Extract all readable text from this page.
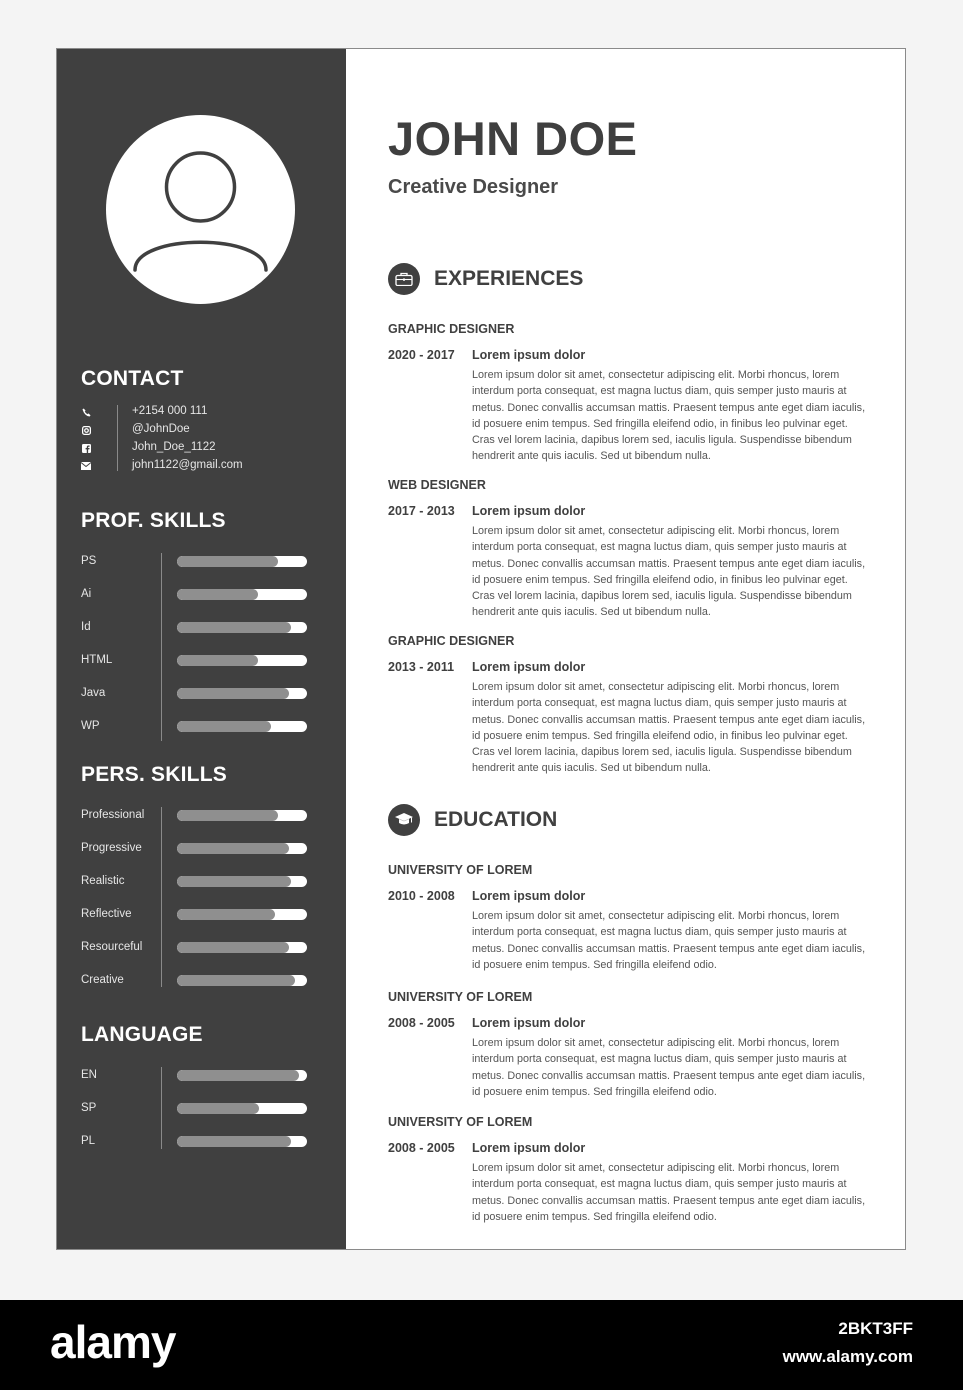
CONTACT
+2154 000 111
@JohnDoe
John_Doe_1122
john1122@gmail.com
PROF. SKILLS
PS
Ai
Id
HTML
Java
WP
PERS. SKILLS
Professional
Progressive
Realistic
Reflective
Resourceful
Creative
LANGUAGE
EN
SP
PL
JOHN DOE
Creative Designer
EXPERIENCES
GRAPHIC DESIGNER
2020 - 2017 Lorem ipsum dolor
Lorem ipsum dolor sit amet, consectetur adipiscing elit. Morbi rhoncus, lorem interdum porta consequat, est magna luctus diam, quis semper justo mauris at metus. Donec convallis accumsan mattis. Praesent tempus ante eget diam iaculis, id posuere enim tempus. Sed fringilla eleifend odio, in finibus leo pulvinar eget. Cras vel lorem lacinia, dapibus lorem sed, iaculis ligula. Suspendisse bibendum hendrerit ante quis iaculis. Sed ut bibendum nulla.
WEB DESIGNER
2017 - 2013 Lorem ipsum dolor
Lorem ipsum dolor sit amet, consectetur adipiscing elit. Morbi rhoncus, lorem interdum porta consequat, est magna luctus diam, quis semper justo mauris at metus. Donec convallis accumsan mattis. Praesent tempus ante eget diam iaculis, id posuere enim tempus. Sed fringilla eleifend odio, in finibus leo pulvinar eget. Cras vel lorem lacinia, dapibus lorem sed, iaculis ligula. Suspendisse bibendum hendrerit ante quis iaculis. Sed ut bibendum nulla.
GRAPHIC DESIGNER
2013 - 2011 Lorem ipsum dolor
Lorem ipsum dolor sit amet, consectetur adipiscing elit. Morbi rhoncus, lorem interdum porta consequat, est magna luctus diam, quis semper justo mauris at metus. Donec convallis accumsan mattis. Praesent tempus ante eget diam iaculis, id posuere enim tempus. Sed fringilla eleifend odio, in finibus leo pulvinar eget. Cras vel lorem lacinia, dapibus lorem sed, iaculis ligula. Suspendisse bibendum hendrerit ante quis iaculis. Sed ut bibendum nulla.
EDUCATION
UNIVERSITY OF LOREM
2010 - 2008 Lorem ipsum dolor
Lorem ipsum dolor sit amet, consectetur adipiscing elit. Morbi rhoncus, lorem interdum porta consequat, est magna luctus diam, quis semper justo mauris at metus. Donec convallis accumsan mattis. Praesent tempus ante eget diam iaculis, id posuere enim tempus. Sed fringilla eleifend odio.
UNIVERSITY OF LOREM
2008 - 2005 Lorem ipsum dolor
Lorem ipsum dolor sit amet, consectetur adipiscing elit. Morbi rhoncus, lorem interdum porta consequat, est magna luctus diam, quis semper justo mauris at metus. Donec convallis accumsan mattis. Praesent tempus ante eget diam iaculis, id posuere enim tempus. Sed fringilla eleifend odio.
UNIVERSITY OF LOREM
2008 - 2005 Lorem ipsum dolor
Lorem ipsum dolor sit amet, consectetur adipiscing elit. Morbi rhoncus, lorem interdum porta consequat, est magna luctus diam, quis semper justo mauris at metus. Donec convallis accumsan mattis. Praesent tempus ante eget diam iaculis, id posuere enim tempus. Sed fringilla eleifend odio.
alamy	2BKT3FF
www.alamy.com
